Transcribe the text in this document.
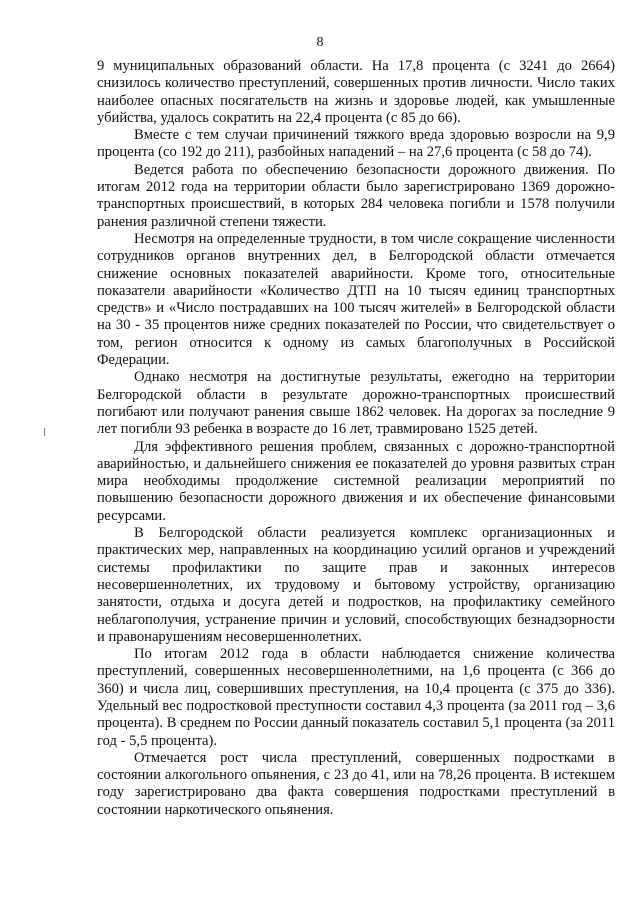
8

9 муниципальных образований области. На 17,8 процента (с 3241 до 2664) снизилось количество преступлений, совершенных против личности. Число таких наиболее опасных посягательств на жизнь и здоровье людей, как умышленные убийства, удалось сократить на 22,4 процента (с 85 до 66).

Вместе с тем случаи причинений тяжкого вреда здоровью возросли на 9,9 процента (со 192 до 211), разбойных нападений – на 27,6 процента (с 58 до 74).

Ведется работа по обеспечению безопасности дорожного движения. По итогам 2012 года на территории области было зарегистрировано 1369 дорожно-транспортных происшествий, в которых 284 человека погибли и 1578 получили ранения различной степени тяжести.

Несмотря на определенные трудности, в том числе сокращение численности сотрудников органов внутренних дел, в Белгородской области отмечается снижение основных показателей аварийности. Кроме того, относительные показатели аварийности «Количество ДТП на 10 тысяч единиц транспортных средств» и «Число пострадавших на 100 тысяч жителей» в Белгородской области на 30 - 35 процентов ниже средних показателей по России, что свидетельствует о том, регион относится к одному из самых благополучных в Российской Федерации.

Однако несмотря на достигнутые результаты, ежегодно на территории Белгородской области в результате дорожно-транспортных происшествий погибают или получают ранения свыше 1862 человек. На дорогах за последние 9 лет погибли 93 ребенка в возрасте до 16 лет, травмировано 1525 детей.

Для эффективного решения проблем, связанных с дорожно-транспортной аварийностью, и дальнейшего снижения ее показателей до уровня развитых стран мира необходимы продолжение системной реализации мероприятий по повышению безопасности дорожного движения и их обеспечение финансовыми ресурсами.

В Белгородской области реализуется комплекс организационных и практических мер, направленных на координацию усилий органов и учреждений системы профилактики по защите прав и законных интересов несовершеннолетних, их трудовому и бытовому устройству, организацию занятости, отдыха и досуга детей и подростков, на профилактику семейного неблагополучия, устранение причин и условий, способствующих безнадзорности и правонарушениям несовершеннолетних.

По итогам 2012 года в области наблюдается снижение количества преступлений, совершенных несовершеннолетними, на 1,6 процента (с 366 до 360) и числа лиц, совершивших преступления, на 10,4 процента (с 375 до 336). Удельный вес подростковой преступности составил 4,3 процента (за 2011 год – 3,6 процента). В среднем по России данный показатель составил 5,1 процента (за 2011 год - 5,5 процента).

Отмечается рост числа преступлений, совершенных подростками в состоянии алкогольного опьянения, с 23 до 41, или на 78,26 процента. В истекшем году зарегистрировано два факта совершения подростками преступлений в состоянии наркотического опьянения.
